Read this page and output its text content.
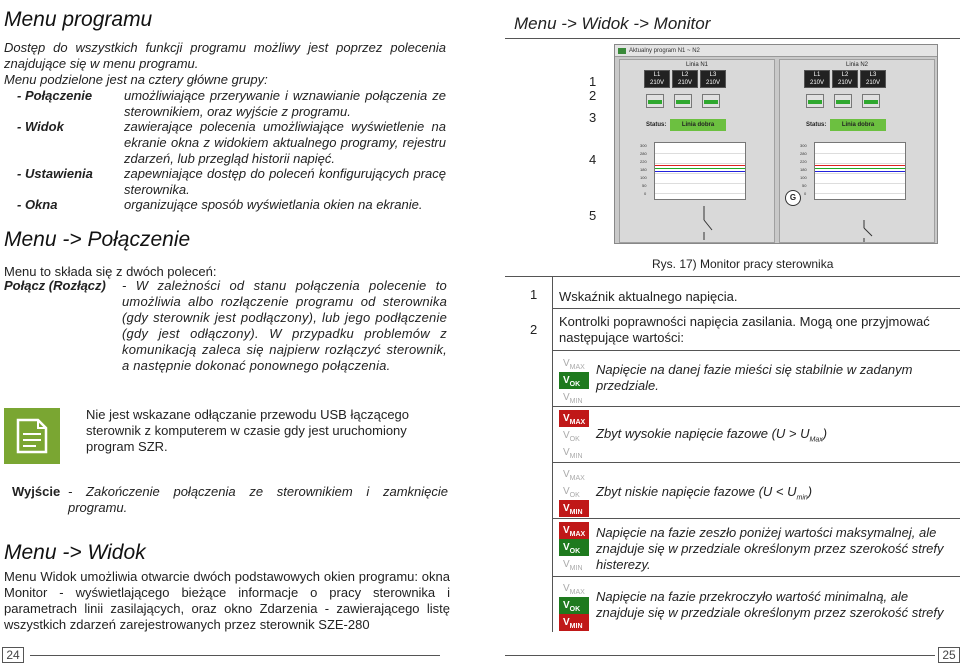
Menu programu
Dostęp do wszystkich funkcji programu możliwy jest poprzez polecenia znajdujące się w menu programu.
Menu podzielone jest na cztery główne grupy:
- Połączenie umożliwiające przerywanie i wznawianie połączenia ze sterownikiem, oraz wyjście z programu.
- Widok	zawierające polecenia umożliwiające wyświetlenie na ekranie okna z widokiem aktualnego programy, rejestru zdarzeń, lub przegląd historii napięć.
- Ustawienia zapewniające dostęp do poleceń konfigurujących pracę sterownika.
- Okna	organizujące sposób wyświetlania okien na ekranie.
Menu -> Połączenie
Menu to składa się z dwóch poleceń:
Połącz (Rozłącz) - W zależności od stanu połączenia polecenie to umożliwia albo rozłączenie programu od sterownika (gdy sterownik jest podłączony), lub jego podłączenie (gdy jest odłączony). W przypadku problemów z komunikacją zaleca się najpierw rozłączyć sterownik, a następnie dokonać ponownego połączenia.
Nie jest wskazane odłączanie przewodu USB łączącego sterownik z komputerem w czasie gdy jest uruchomiony program SZR.
Wyjście - Zakończenie połączenia ze sterownikiem i zamknięcie programu.
Menu -> Widok
Menu Widok umożliwia otwarcie dwóch podstawowych okien programu: okna Monitor - wyświetlającego bieżące informacje o pracy sterownika i parametrach linii zasilających, oraz okno Zdarzenia - zawierającego listę wszystkich zdarzeń zarejestrowanych przez sterownik SZE-280
24
Menu -> Widok -> Monitor
1
2
3
4
5
Aktualny program N1 ~ N2
Linia N1
L1
210V
L2
210V
L3
210V
Status:	Linia dobra
300
280
220
180
100
50
0
Linia N2
L1
210V
L2
210V
L3
210V
Status:	Linia dobra
300
280
220
180
100
50
0
G
Rys. 17) Monitor pracy sterownika
1 Wskaźnik aktualnego napięcia.
2
Kontrolki poprawności napięcia zasilania. Mogą one przyjmować następujące wartości:
$V_{MAX}$
$V_{OK}$
$V_{MIN}$
Napięcie na danej fazie mieści się stabilnie w zadanym przedziale.
$V_{MAX}$
$V_{OK}$
$V_{MIN}$
Zbyt wysokie napięcie fazowe $(U > U_{Max})$
$V_{MAX}$
$V_{OK}$
$V_{MIN}$
Zbyt niskie napięcie fazowe $(U < U_{min})$
$V_{MAX}$
$V_{OK}$
$V_{MIN}$
Napięcie na fazie zeszło poniżej wartości maksymalnej, ale znajduje się w przedziale określonym przez szerokość strefy histerezy.
$V_{MAX}$
$V_{OK}$
$V_{MIN}$
Napięcie na fazie przekroczyło wartość minimalną, ale znajduje się w przedziale określonym przez szerokość strefy
25
